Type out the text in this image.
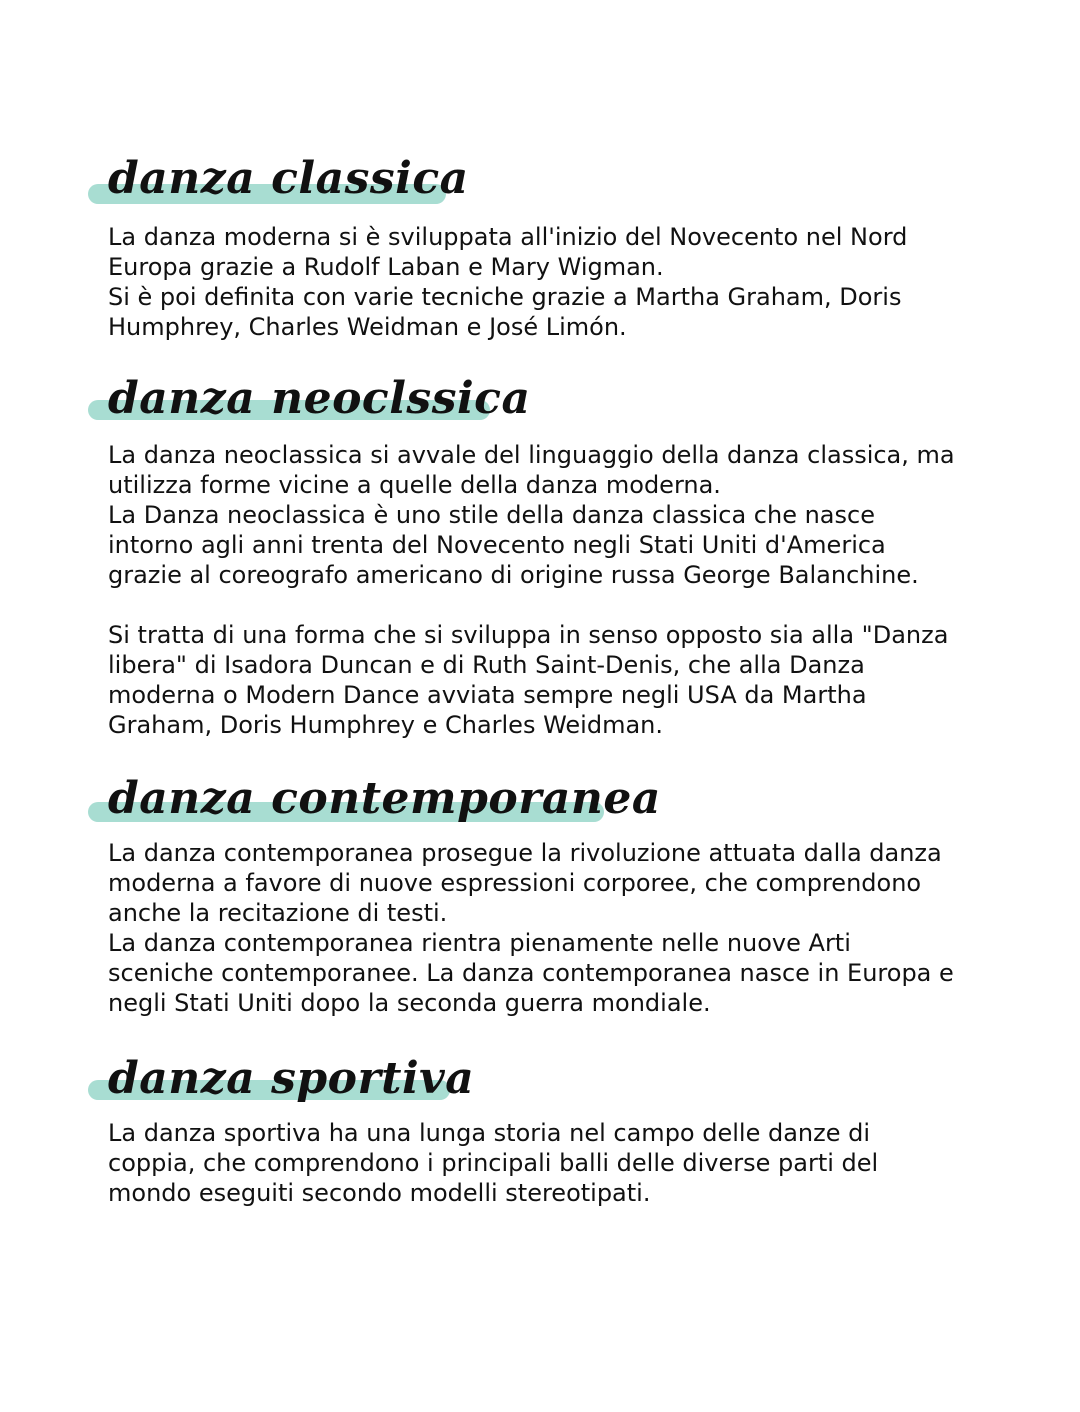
danza classica
La danza moderna si è sviluppata all'inizio del Novecento nel Nord
Europa grazie a Rudolf Laban e Mary Wigman.
Si è poi definita con varie tecniche grazie a Martha Graham, Doris
Humphrey, Charles Weidman e José Limón.
danza neoclssica
La danza neoclassica si avvale del linguaggio della danza classica, ma
utilizza forme vicine a quelle della danza moderna.
La Danza neoclassica è uno stile della danza classica che nasce
intorno agli anni trenta del Novecento negli Stati Uniti d'America
grazie al coreografo americano di origine russa George Balanchine.
Si tratta di una forma che si sviluppa in senso opposto sia alla "Danza
libera" di Isadora Duncan e di Ruth Saint-Denis, che alla Danza
moderna o Modern Dance avviata sempre negli USA da Martha
Graham, Doris Humphrey e Charles Weidman.
danza contemporanea
La danza contemporanea prosegue la rivoluzione attuata dalla danza
moderna a favore di nuove espressioni corporee, che comprendono
anche la recitazione di testi.
La danza contemporanea rientra pienamente nelle nuove Arti
sceniche contemporanee. La danza contemporanea nasce in Europa e
negli Stati Uniti dopo la seconda guerra mondiale.
danza sportiva
La danza sportiva ha una lunga storia nel campo delle danze di
coppia, che comprendono i principali balli delle diverse parti del
mondo eseguiti secondo modelli stereotipati.
